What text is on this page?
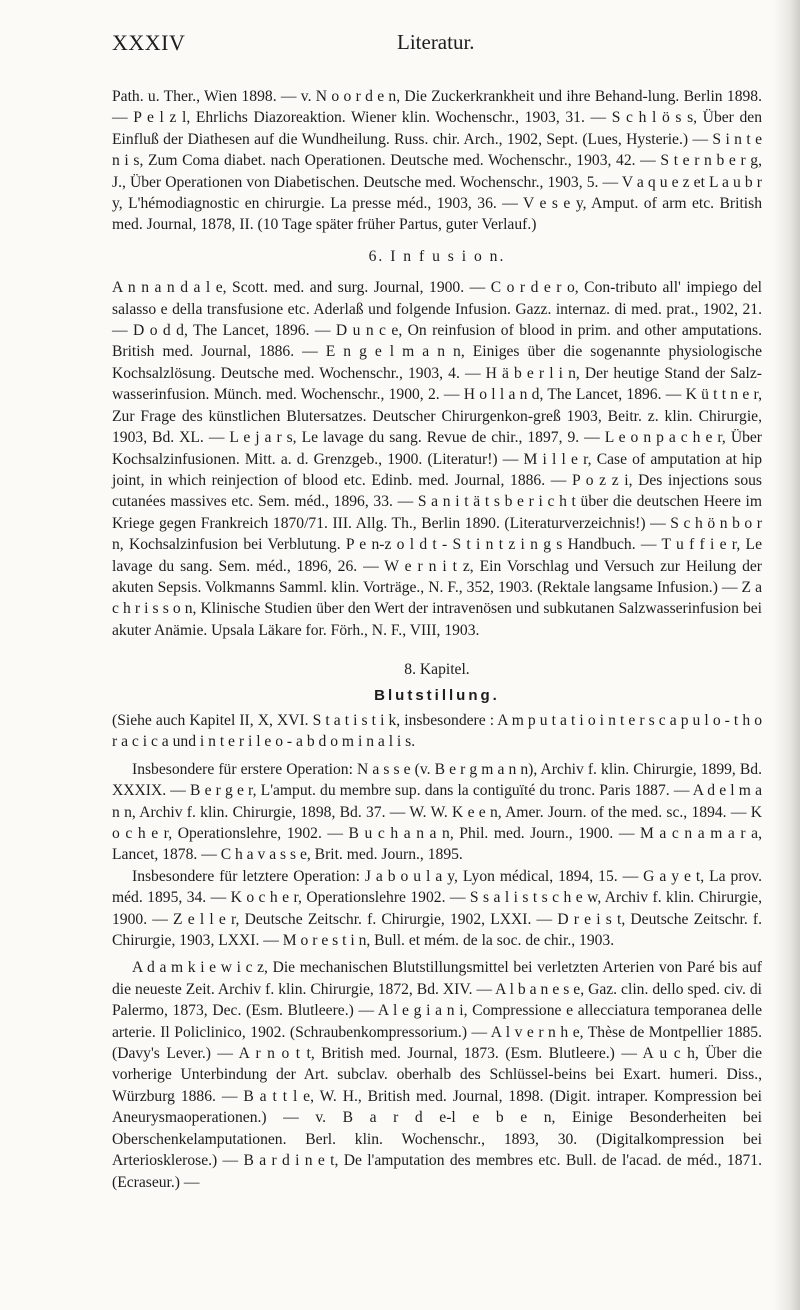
XXXIV	Literatur.

Path. u. Ther., Wien 1898. — v. N o o r d e n, Die Zuckerkrankheit und ihre Behand-lung. Berlin 1898. — P e l z l, Ehrlichs Diazoreaktion. Wiener klin. Wochenschr., 1903, 31. — S c h l ö s s, Über den Einfluß der Diathesen auf die Wundheilung. Russ. chir. Arch., 1902, Sept. (Lues, Hysterie.) — S i n t e n i s, Zum Coma diabet. nach Operationen. Deutsche med. Wochenschr., 1903, 42. — S t e r n b e r g, J., Über Operationen von Diabetischen. Deutsche med. Wochenschr., 1903, 5. — V a q u e z et L a u b r y, L'hémodiagnostic en chirurgie. La presse méd., 1903, 36. — V e s e y, Amput. of arm etc. British med. Journal, 1878, II. (10 Tage später früher Partus, guter Verlauf.)

6. I n f u s i o n.

A n n a n d a l e, Scott. med. and surg. Journal, 1900. — C o r d e r o, Con-tributo all' impiego del salasso e della transfusione etc. Aderlaß und folgende Infusion. Gazz. internaz. di med. prat., 1902, 21. — D o d d, The Lancet, 1896. — D u n c e, On reinfusion of blood in prim. and other amputations. British med. Journal, 1886. — E n g e l m a n n, Einiges über die sogenannte physiologische Kochsalzlösung. Deutsche med. Wochenschr., 1903, 4. — H ä b e r l i n, Der heutige Stand der Salz-wasserinfusion. Münch. med. Wochenschr., 1900, 2. — H o l l a n d, The Lancet, 1896. — K ü t t n e r, Zur Frage des künstlichen Blutersatzes. Deutscher Chirurgenkon-greß 1903, Beitr. z. klin. Chirurgie, 1903, Bd. XL. — L e j a r s, Le lavage du sang. Revue de chir., 1897, 9. — L e o n p a c h e r, Über Kochsalzinfusionen. Mitt. a. d. Grenzgeb., 1900. (Literatur!) — M i l l e r, Case of amputation at hip joint, in which reinjection of blood etc. Edinb. med. Journal, 1886. — P o z z i, Des injections sous cutanées massives etc. Sem. méd., 1896, 33. — S a n i t ä t s b e r i c h t über die deutschen Heere im Kriege gegen Frankreich 1870/71. III. Allg. Th., Berlin 1890. (Literaturverzeichnis!) — S c h ö n b o r n, Kochsalzinfusion bei Verblutung. P e n-z o l d t - S t i n t z i n g s Handbuch. — T u f f i e r, Le lavage du sang. Sem. méd., 1896, 26. — W e r n i t z, Ein Vorschlag und Versuch zur Heilung der akuten Sepsis. Volkmanns Samml. klin. Vorträge., N. F., 352, 1903. (Rektale langsame Infusion.) — Z a c h r i s s o n, Klinische Studien über den Wert der intravenösen und subkutanen Salzwasserinfusion bei akuter Anämie. Upsala Läkare for. Förh., N. F., VIII, 1903.

8. Kapitel.

Blutstillung.

(Siehe auch Kapitel II, X, XVI. S t a t i s t i k, insbesondere : A m p u t a t i o i n t e r s c a p u l o - t h o r a c i c a und i n t e r i l e o - a b d o m i n a l i s.

Insbesondere für erstere Operation: N a s s e (v. B e r g m a n n), Archiv f. klin. Chirurgie, 1899, Bd. XXXIX. — B e r g e r, L'amput. du membre sup. dans la contiguïté du tronc. Paris 1887. — A d e l m a n n, Archiv f. klin. Chirurgie, 1898, Bd. 37. — W. W. K e e n, Amer. Journ. of the med. sc., 1894. — K o c h e r, Operationslehre, 1902. — B u c h a n a n, Phil. med. Journ., 1900. — M a c n a m a r a, Lancet, 1878. — C h a v a s s e, Brit. med. Journ., 1895.

Insbesondere für letztere Operation: J a b o u l a y, Lyon médical, 1894, 15. — G a y e t, La prov. méd. 1895, 34. — K o c h e r, Operationslehre 1902. — S s a l i s t s c h e w, Archiv f. klin. Chirurgie, 1900. — Z e l l e r, Deutsche Zeitschr. f. Chirurgie, 1902, LXXI. — D r e i s t, Deutsche Zeitschr. f. Chirurgie, 1903, LXXI. — M o r e s t i n, Bull. et mém. de la soc. de chir., 1903.

A d a m k i e w i c z, Die mechanischen Blutstillungsmittel bei verletzten Arterien von Paré bis auf die neueste Zeit. Archiv f. klin. Chirurgie, 1872, Bd. XIV. — A l b a n e s e, Gaz. clin. dello sped. civ. di Palermo, 1873, Dec. (Esm. Blutleere.) — A l e g i a n i, Compressione e allecciatura temporanea delle arterie. Il Policlinico, 1902. (Schraubenkompressorium.) — A l v e r n h e, Thèse de Montpellier 1885. (Davy's Lever.) — A r n o t t, British med. Journal, 1873. (Esm. Blutleere.) — A u c h, Über die vorherige Unterbindung der Art. subclav. oberhalb des Schlüssel-beins bei Exart. humeri. Diss., Würzburg 1886. — B a t t l e, W. H., British med. Journal, 1898. (Digit. intraper. Kompression bei Aneurysmaoperationen.) — v. B a r d e-l e b e n, Einige Besonderheiten bei Oberschenkelamputationen. Berl. klin. Wochenschr., 1893, 30. (Digitalkompression bei Arteriosklerose.) — B a r d i n e t, De l'amputation des membres etc. Bull. de l'acad. de méd., 1871. (Ecraseur.) —
